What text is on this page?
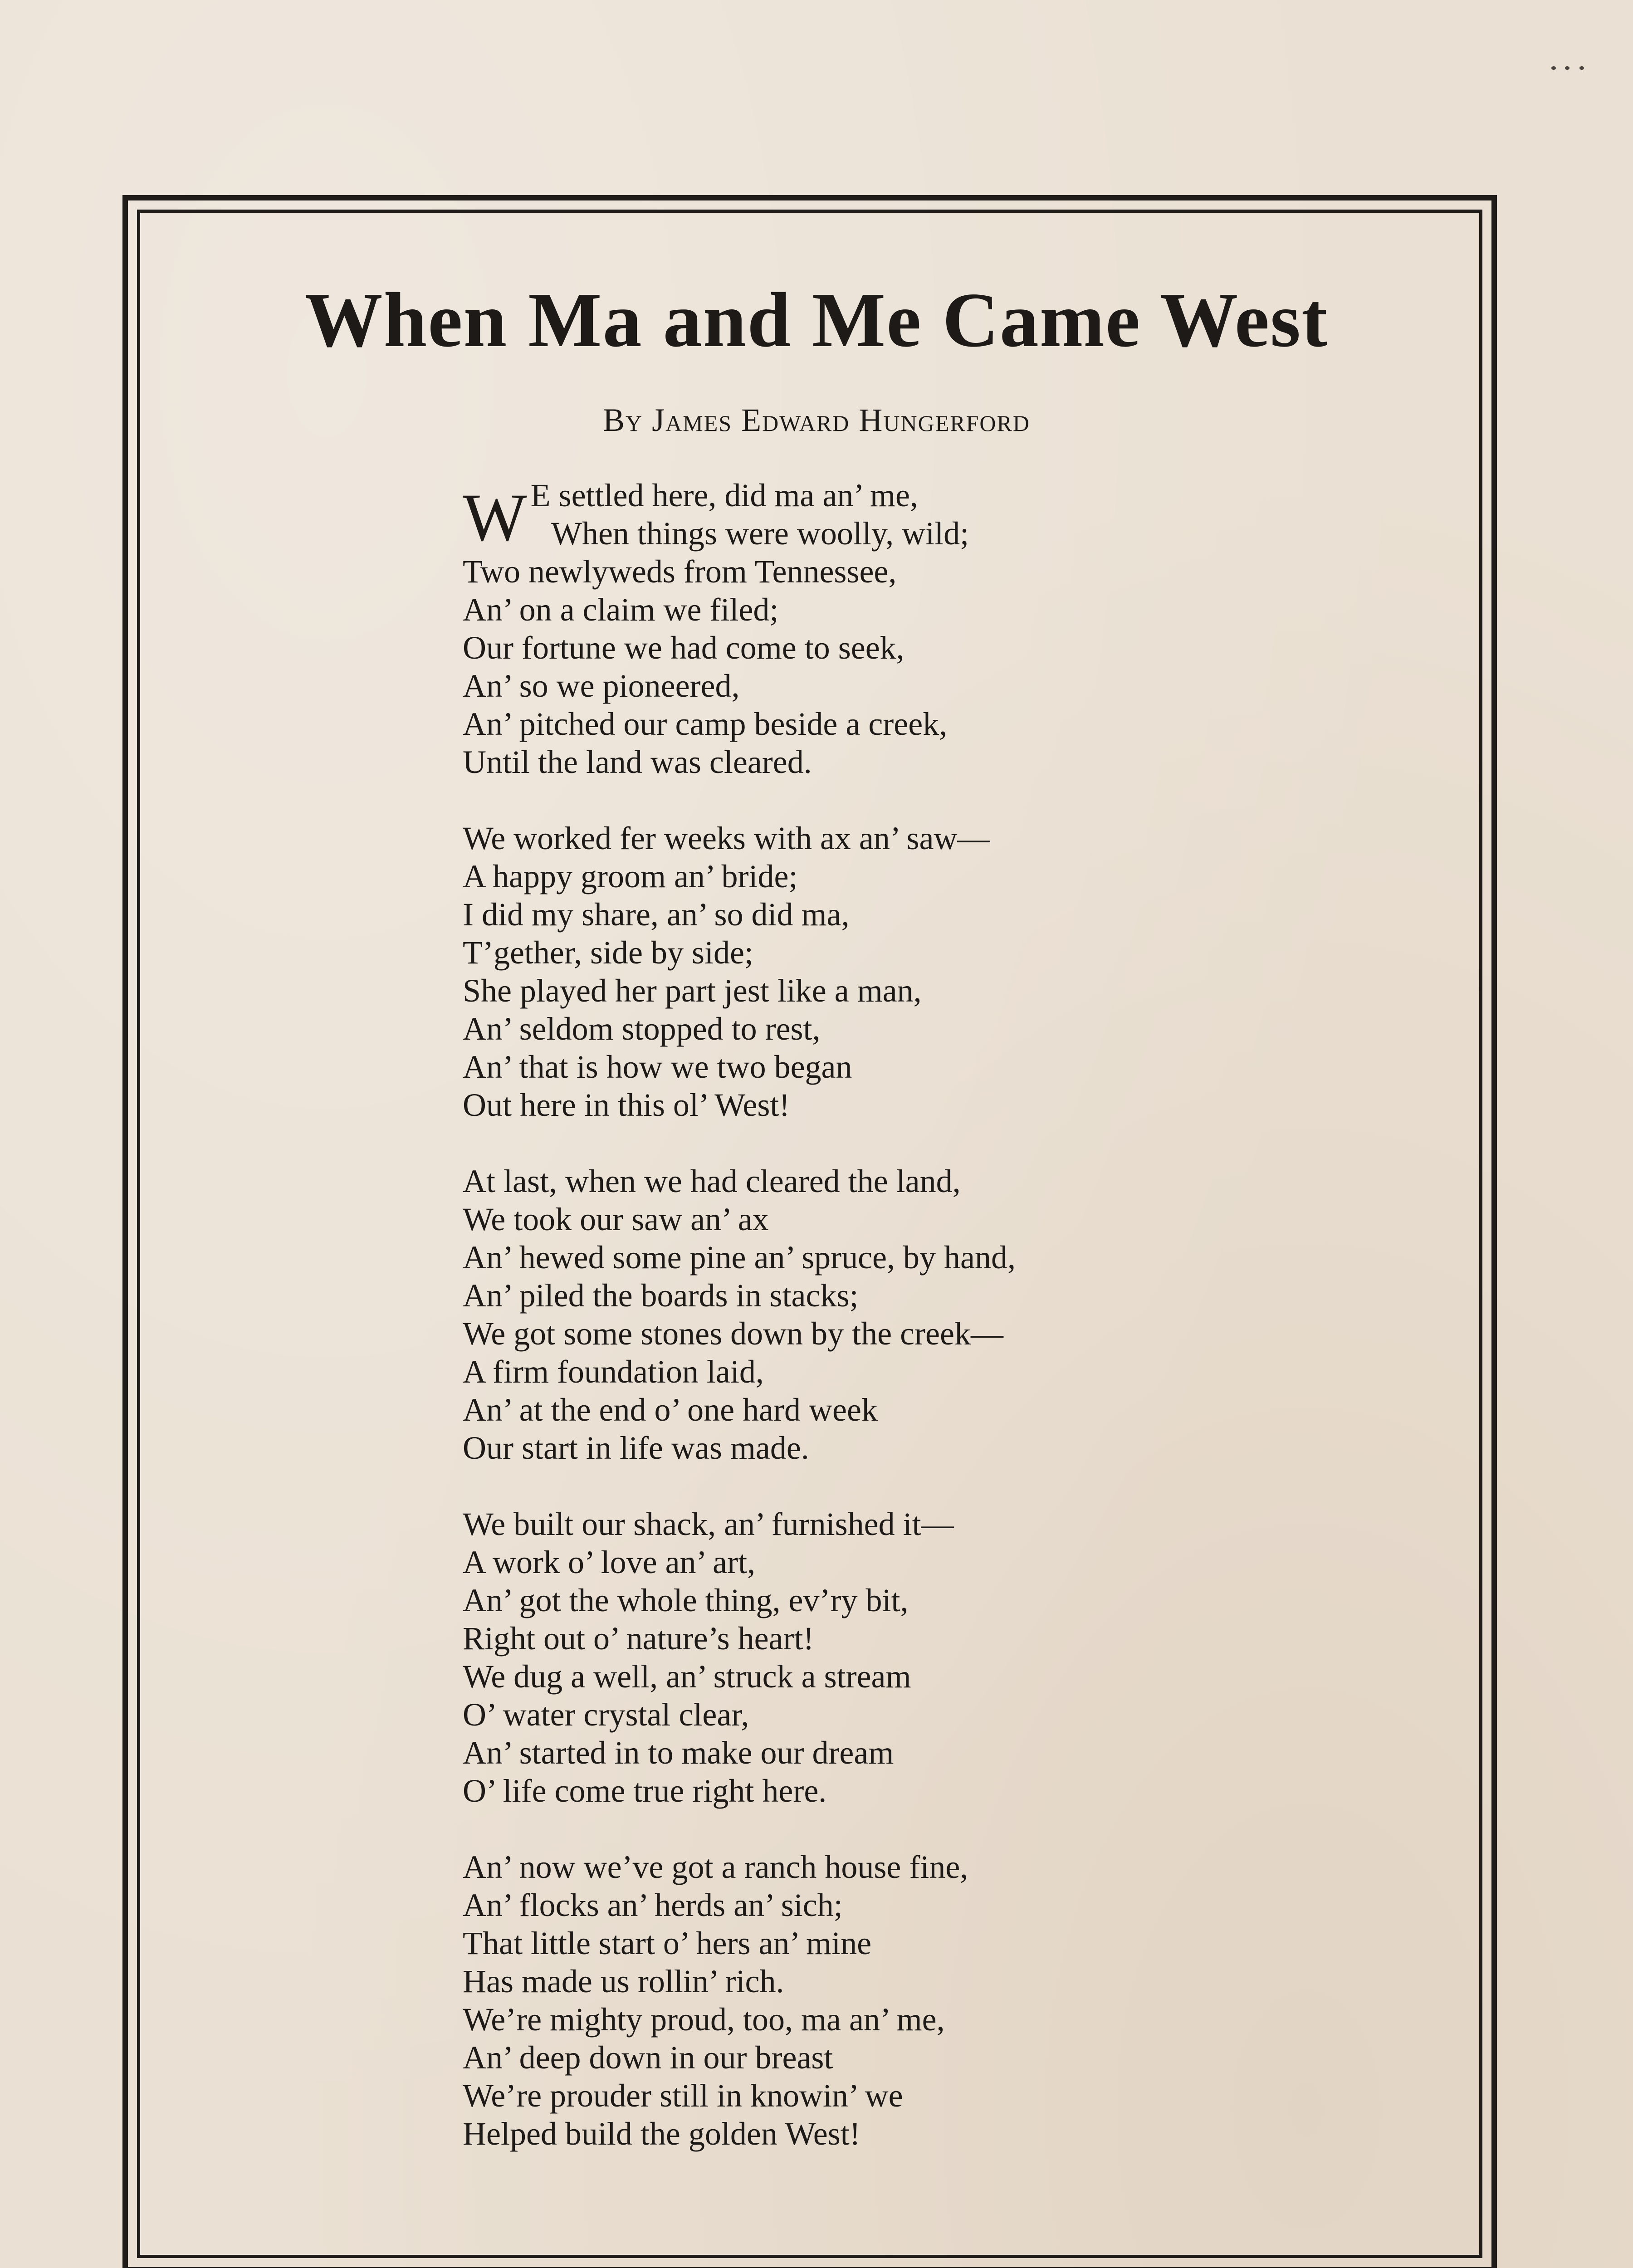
When Ma and Me Came West
By James Edward Hungerford
W E settled here, did ma an’ me,
When things were woolly, wild;
Two newlyweds from Tennessee,
An’ on a claim we filed;
Our fortune we had come to seek,
An’ so we pioneered,
An’ pitched our camp beside a creek,
Until the land was cleared.
We worked fer weeks with ax an’ saw—
A happy groom an’ bride;
I did my share, an’ so did ma,
T’gether, side by side;
She played her part jest like a man,
An’ seldom stopped to rest,
An’ that is how we two began
Out here in this ol’ West!
At last, when we had cleared the land,
We took our saw an’ ax
An’ hewed some pine an’ spruce, by hand,
An’ piled the boards in stacks;
We got some stones down by the creek—
A firm foundation laid,
An’ at the end o’ one hard week
Our start in life was made.
We built our shack, an’ furnished it—
A work o’ love an’ art,
An’ got the whole thing, ev’ry bit,
Right out o’ nature’s heart!
We dug a well, an’ struck a stream
O’ water crystal clear,
An’ started in to make our dream
O’ life come true right here.
An’ now we’ve got a ranch house fine,
An’ flocks an’ herds an’ sich;
That little start o’ hers an’ mine
Has made us rollin’ rich.
We’re mighty proud, too, ma an’ me,
An’ deep down in our breast
We’re prouder still in knowin’ we
Helped build the golden West!
